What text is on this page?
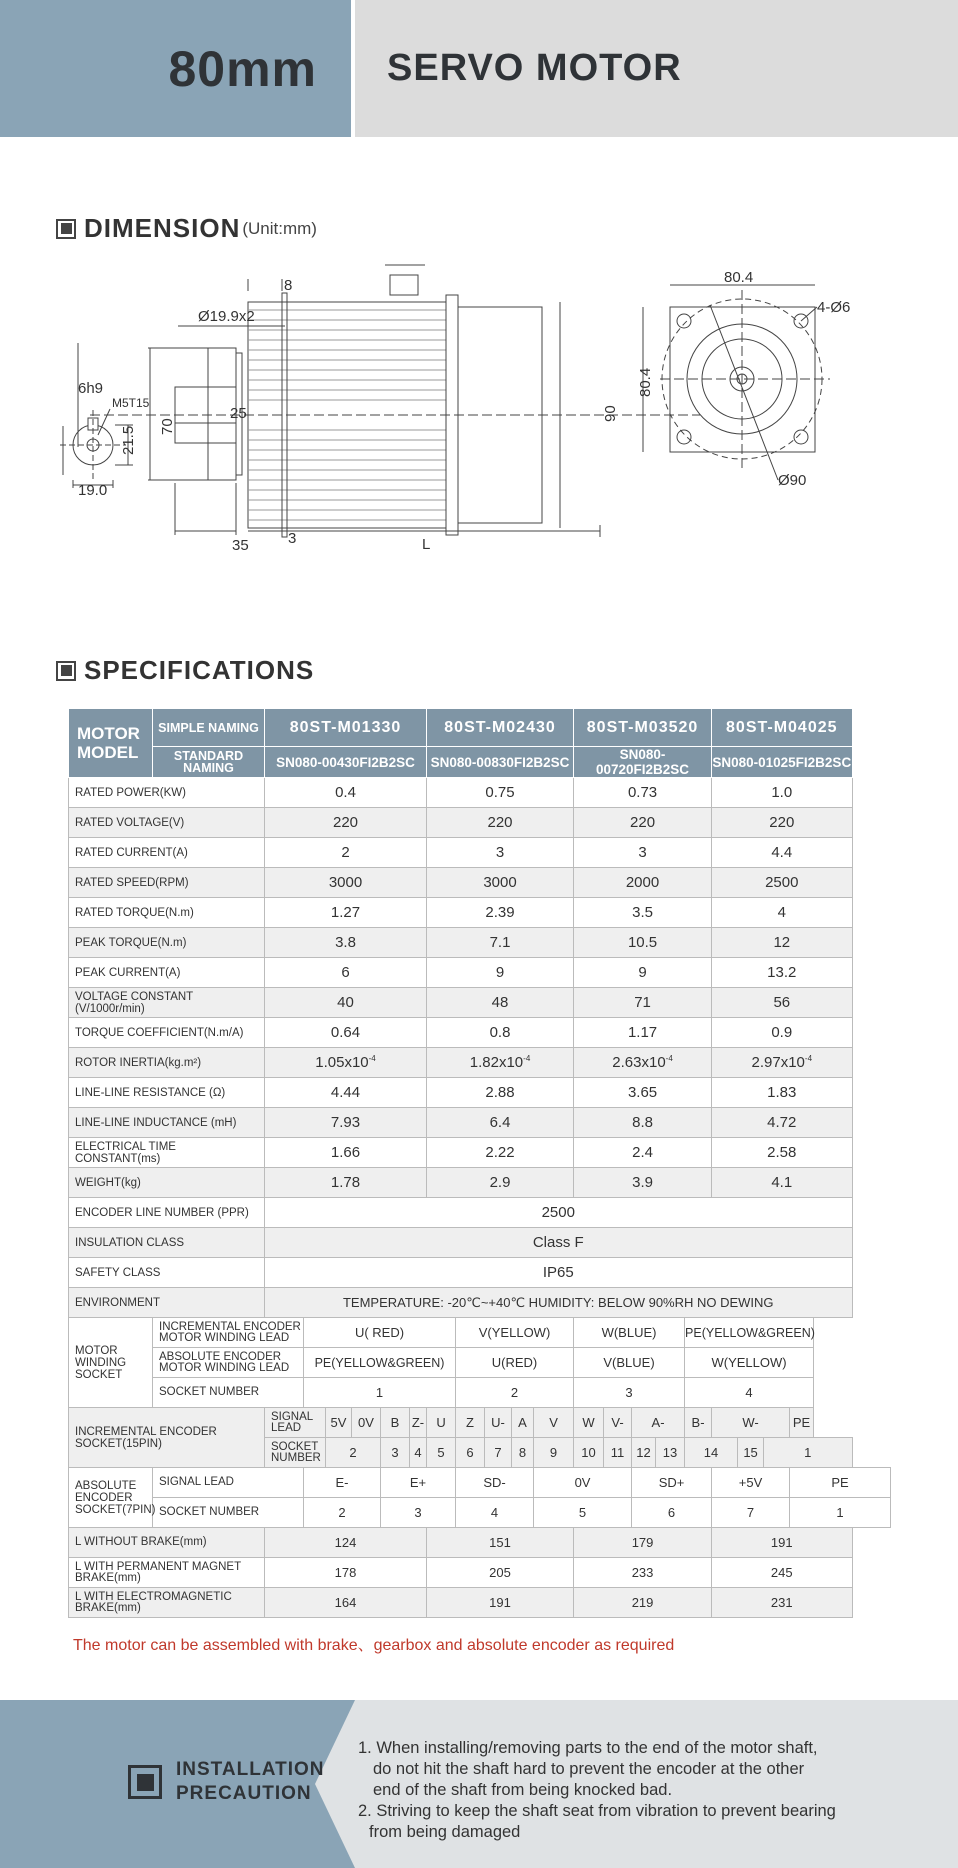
80mm SERVO MOTOR
DIMENSION (Unit:mm)
6h9
M5T15
21.5
19.0
8
Ø19.9x2
70
25
35	3	L
90
80.4
80.4
4-Ø6
Ø90
SPECIFICATIONS
MOTOR MODEL	SIMPLE NAMING	80ST-M01330						80ST-M02430					80ST-M03520					80ST-M04025			
	STANDARD NAMING	SN080-00430FI2B2SC						SN080-00830FI2B2SC					SN080-00720FI2B2SC					SN080-01025FI2B2SC			
RATED POWER(KW)		0.4						0.75					0.73					1.0			
RATED VOLTAGE(V)		220						220					220					220			
RATED CURRENT(A)		2						3					3					4.4			
RATED SPEED(RPM)		3000						3000					2000					2500			
RATED TORQUE(N.m)		1.27						2.39					3.5					4			
PEAK TORQUE(N.m)		3.8						7.1					10.5					12			
PEAK CURRENT(A)		6						9					9					13.2			
VOLTAGE CONSTANT (V/1000r/min)		40						48					71					56			
TORQUE COEFFICIENT(N.m/A)		0.64						0.8					1.17					0.9			
ROTOR INERTIA(kg.m²)		$1.05x10^{-4}$						$1.82x10^{-4}$					$2.63x10^{-4}$					$2.97x10^{-4}$
LINE-LINE RESISTANCE (Ω)		4.44						2.88					3.65					1.83			
LINE-LINE INDUCTANCE (mH)		7.93						6.4					8.8					4.72			
ELECTRICAL TIME CONSTANT(ms)		1.66						2.22					2.4					2.58			
WEIGHT(kg)		1.78						2.9					3.9					4.1			
ENCODER LINE NUMBER (PPR)		2500																			
INSULATION CLASS		Class F																			
SAFETY CLASS		IP65																			
ENVIRONMENT		TEMPERATURE: -20℃~+40℃ HUMIDITY: BELOW 90%RH NO DEWING																			
MOTOR WINDING SOCKET	INCREMENTAL ENCODER MOTOR WINDING LEAD		U( RED)						V(YELLOW)				W(BLUE)				PE(YELLOW&GREEN)				
	ABSOLUTE ENCODER MOTOR WINDING LEAD		PE(YELLOW&GREEN)						U(RED)				V(BLUE)				W(YELLOW)				
	SOCKET NUMBER		1						2				3				4				
INCREMENTAL ENCODER SOCKET(15PIN)		SIGNAL LEAD		5V	0V	B	Z-	U	Z	U-	A	V	W	V-	A-		B-	W-			PE
		SOCKET NUMBER		2		3	4	5	6	7	8	9	10	11	12	13	14		15	1	
ABSOLUTE ENCODER SOCKET(7PIN)	SIGNAL LEAD		E-			E+			SD-			0V			SD+			+5V			PE
	SOCKET NUMBER		2			3			4			5			6			7			1
L WITHOUT BRAKE(mm)		124						151					179					191			
L WITH PERMANENT MAGNET BRAKE(mm)		178						205					233					245			
L WITH ELECTROMAGNETIC BRAKE(mm)		164						191					219					231			
The motor can be assembled with brake、gearbox and absolute encoder as required
INSTALLATION
PRECAUTION

1. When installing/removing parts to the end of the motor shaft,

do not hit the shaft hard to prevent the encoder at the other

end of the shaft from being knocked bad.

2. Striving to keep the shaft seat from vibration to prevent bearing

from being damaged
